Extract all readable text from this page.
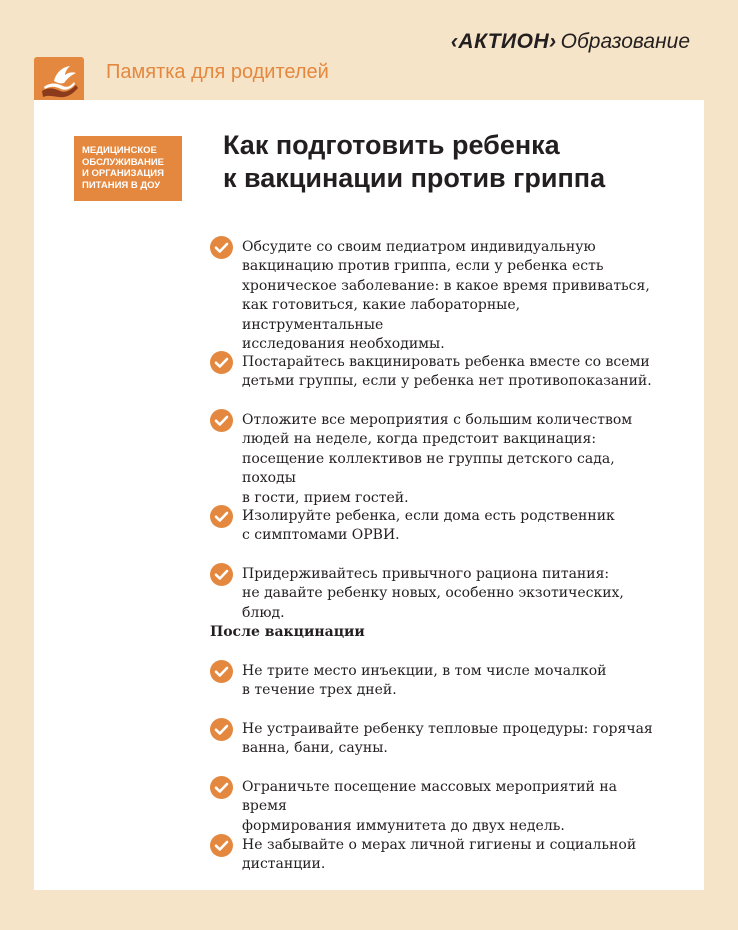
‹АКТИОН› Образование
Памятка для родителей
МЕДИЦИНСКОЕ
ОБСЛУЖИВАНИЕ
И ОРГАНИЗАЦИЯ
ПИТАНИЯ В ДОУ
Как подготовить ребенка
к вакцинации против гриппа
Обсудите со своим педиатром индивидуальную
вакцинацию против гриппа, если у ребенка есть
хроническое заболевание: в какое время прививаться,
как готовиться, какие лабораторные, инструментальные
исследования необходимы.
Постарайтесь вакцинировать ребенка вместе со всеми
детьми группы, если у ребенка нет противопоказаний.
Отложите все мероприятия с большим количеством
людей на неделе, когда предстоит вакцинация:
посещение коллективов не группы детского сада, походы
в гости, прием гостей.
Изолируйте ребенка, если дома есть родственник
с симптомами ОРВИ.
Придерживайтесь привычного рациона питания:
не давайте ребенку новых, особенно экзотических, блюд.
После вакцинации
Не трите место инъекции, в том числе мочалкой
в течение трех дней.
Не устраивайте ребенку тепловые процедуры: горячая
ванна, бани, сауны.
Ограничьте посещение массовых мероприятий на время
формирования иммунитета до двух недель.
Не забывайте о мерах личной гигиены и социальной
дистанции.
